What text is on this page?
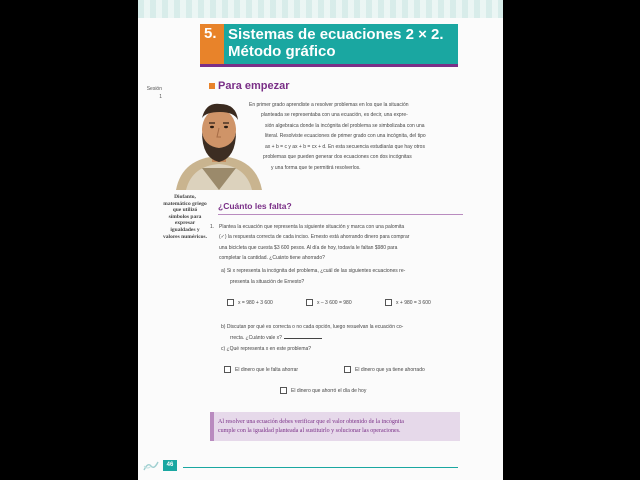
5. Sistemas de ecuaciones 2 × 2.
Método gráfico
Sesión
1
Para empezar
En primer grado aprendiste a resolver problemas en los que la situación
planteada se representaba con una ecuación, es decir, una expre-
sión algebraica donde la incógnita del problema se simbolizaba con una
literal. Resolviste ecuaciones de primer grado con una incógnita, del tipo
ax + b = c y ax + b = cx + d. En esta secuencia estudiarás que hay otros
problemas que pueden generar dos ecuaciones con dos incógnitas
y una forma que te permitirá resolverlos.
Diofanto, matemático griego que utilizó símbolos para expresar igualdades y valores numéricos.
¿Cuánto les falta?
1. Plantea la ecuación que representa la siguiente situación y marca con una palomita
(✓) la respuesta correcta de cada inciso. Ernesto está ahorrando dinero para comprar
una bicicleta que cuesta $3 600 pesos. Al día de hoy, todavía le faltan $980 para
completar la cantidad. ¿Cuánto tiene ahorrado?
a) Si x representa la incógnita del problema, ¿cuál de las siguientes ecuaciones re-
presenta la situación de Ernesto?
x = 980 + 3 600	x – 3 600 = 980	x + 980 = 3 600
b) Discutan por qué es correcta o no cada opción, luego resuelvan la ecuación co-
rrecta. ¿Cuánto vale x?
c) ¿Qué representa x en este problema?
El dinero que le falta ahorrar	El dinero que ya tiene ahorrado
El dinero que ahorró el día de hoy
Al resolver una ecuación debes verificar que el valor obtenido de la incógnita
cumple con la igualdad planteada al sustituirlo y solucionar las operaciones.
46
